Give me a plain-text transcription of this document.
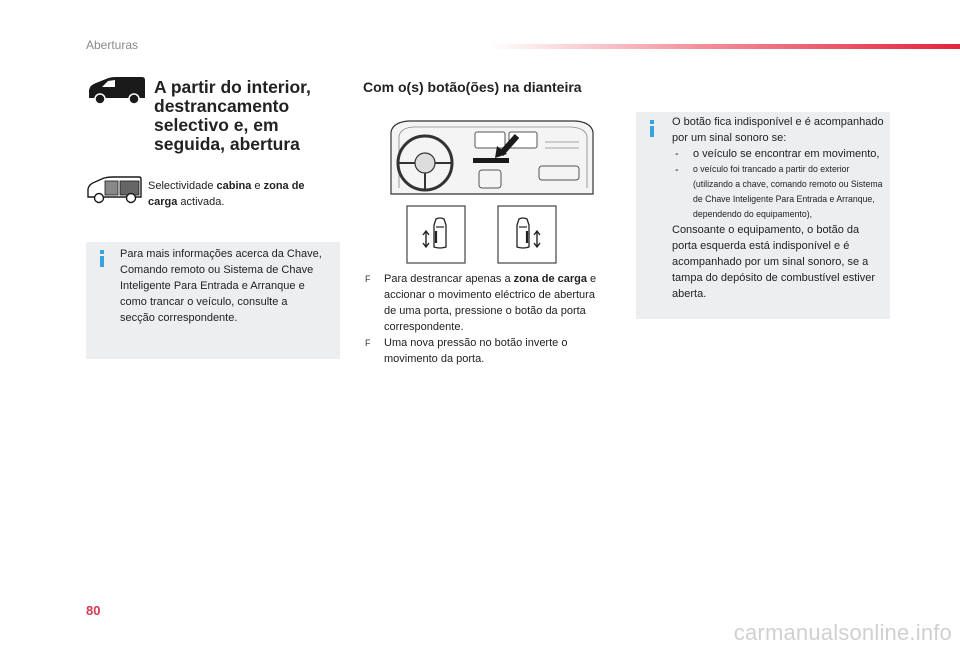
Aberturas
A partir do interior, destrancamento selectivo e, em seguida, abertura

Selectividade cabina e zona de carga activada.

Para mais informações acerca da Chave, Comando remoto ou Sistema de Chave Inteligente Para Entrada e Arranque e como trancar o veículo, consulte a secção correspondente.

Com o(s) botão(ões) na dianteira
F Para destrancar apenas a zona de carga e accionar o movimento eléctrico de abertura de uma porta, pressione o botão da porta correspondente.
F Uma nova pressão no botão inverte o movimento da porta.

O botão fica indisponível e é acompanhado por um sinal sonoro se:

- o veículo se encontrar em movimento,
- o veículo foi trancado a partir do exterior (utilizando a chave, comando remoto ou Sistema de Chave Inteligente Para Entrada e Arranque, dependendo do equipamento),

Consoante o equipamento, o botão da porta esquerda está indisponível e é acompanhado por um sinal sonoro, se a tampa do depósito de combustível estiver aberta.

80
carmanualsonline.info
